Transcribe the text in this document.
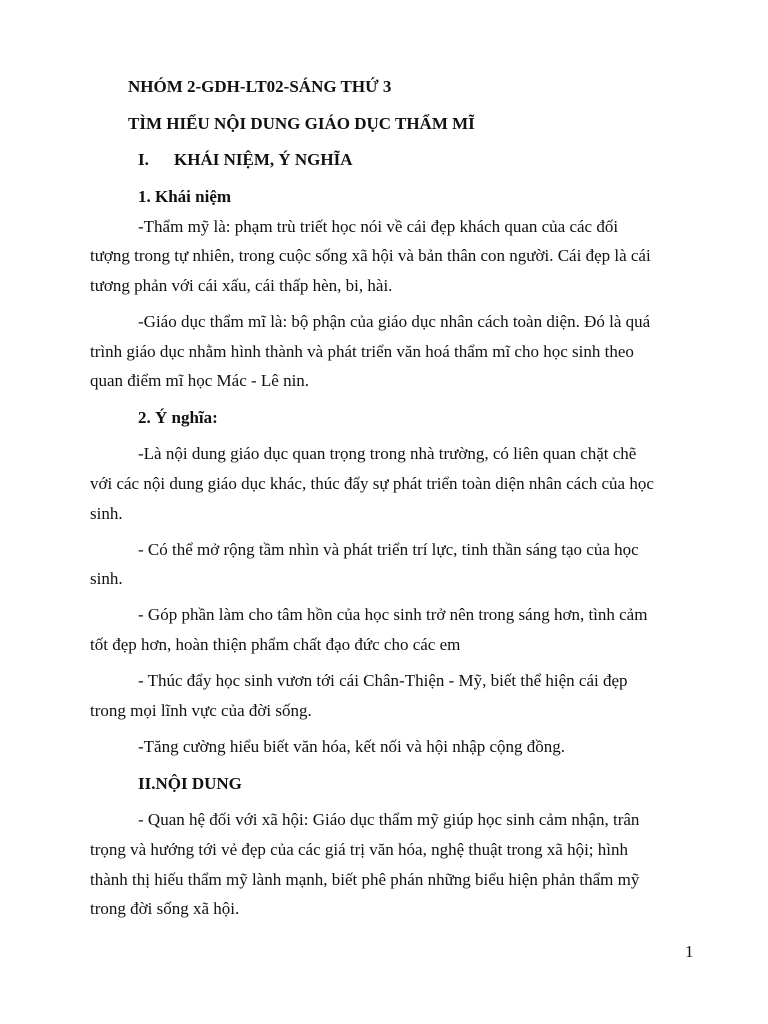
NHÓM 2-GDH-LT02-SÁNG THỨ 3
TÌM HIỂU NỘI DUNG GIÁO DỤC THẨM MĨ
I. KHÁI NIỆM, Ý NGHĨA
1. Khái niệm
-Thẩm mỹ là: phạm trù triết học nói về cái đẹp khách quan của các đối
tượng trong tự nhiên, trong cuộc sống xã hội và bản thân con người. Cái đẹp là cái
tương phản với cái xấu, cái thấp hèn, bi, hài.
-Giáo dục thẩm mĩ là: bộ phận của giáo dục nhân cách toàn diện. Đó là quá
trình giáo dục nhằm hình thành và phát triển văn hoá thẩm mĩ cho học sinh theo
quan điểm mĩ học Mác - Lê nin.
2. Ý nghĩa:
-Là nội dung giáo dục quan trọng trong nhà trường, có liên quan chặt chẽ
với các nội dung giáo dục khác, thúc đẩy sự phát triển toàn diện nhân cách của học
sinh.
- Có thể mở rộng tầm nhìn và phát triển trí lực, tinh thần sáng tạo của học
sinh.
- Góp phần làm cho tâm hồn của học sinh trở nên trong sáng hơn, tình cảm
tốt đẹp hơn, hoàn thiện phẩm chất đạo đức cho các em
- Thúc đẩy học sinh vươn tới cái Chân-Thiện - Mỹ, biết thể hiện cái đẹp
trong mọi lĩnh vực của đời sống.
-Tăng cường hiểu biết văn hóa, kết nối và hội nhập cộng đồng.
II.NỘI DUNG
- Quan hệ đối với xã hội: Giáo dục thẩm mỹ giúp học sinh cảm nhận, trân
trọng và hướng tới vẻ đẹp của các giá trị văn hóa, nghệ thuật trong xã hội; hình
thành thị hiếu thẩm mỹ lành mạnh, biết phê phán những biểu hiện phản thẩm mỹ
trong đời sống xã hội.
1
